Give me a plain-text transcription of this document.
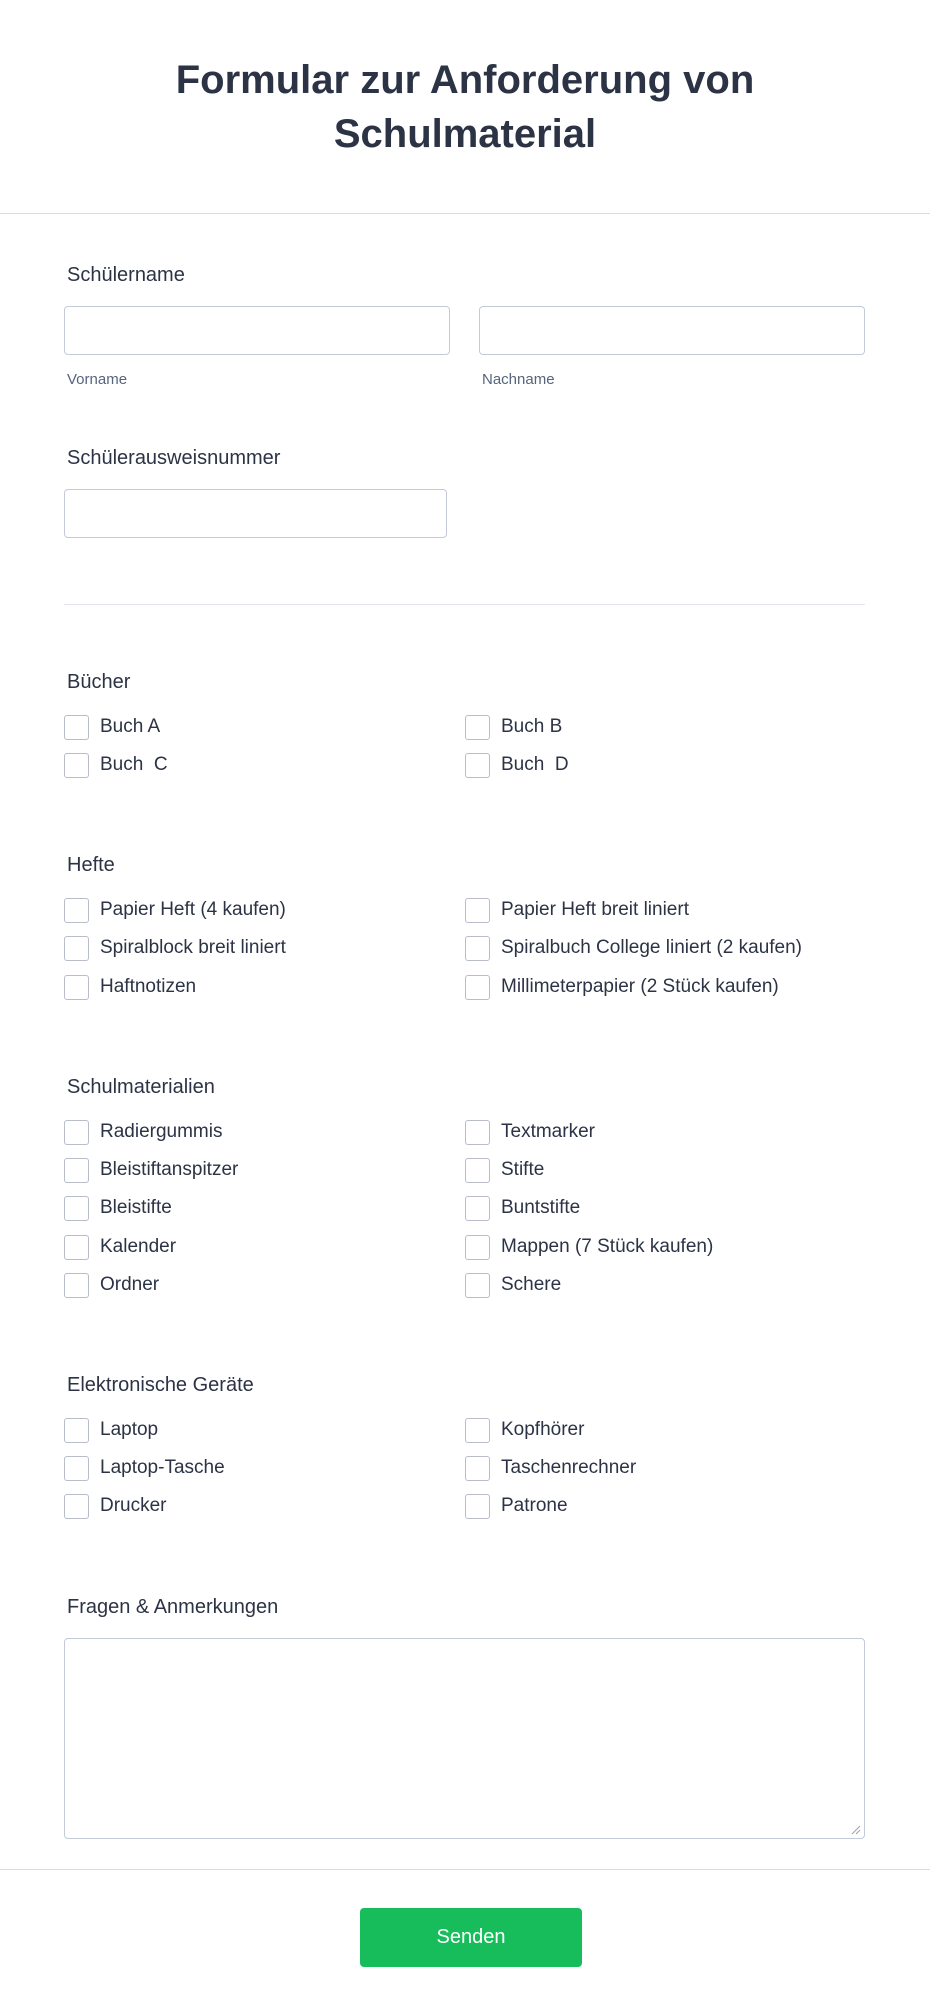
Formular zur Anforderung von Schulmaterial
Schülername
Vorname	Nachname
Schülerausweisnummer
Bücher
Buch A	Buch B
Buch  C	Buch  D
Hefte
Papier Heft (4 kaufen)	Papier Heft breit liniert
Spiralblock breit liniert	Spiralbuch College liniert (2 kaufen)
Haftnotizen	Millimeterpapier (2 Stück kaufen)
Schulmaterialien
Radiergummis	Textmarker
Bleistiftanspitzer	Stifte
Bleistifte	Buntstifte
Kalender	Mappen (7 Stück kaufen)
Ordner	Schere
Elektronische Geräte
Laptop	Kopfhörer
Laptop-Tasche	Taschenrechner
Drucker	Patrone
Fragen & Anmerkungen
Senden
